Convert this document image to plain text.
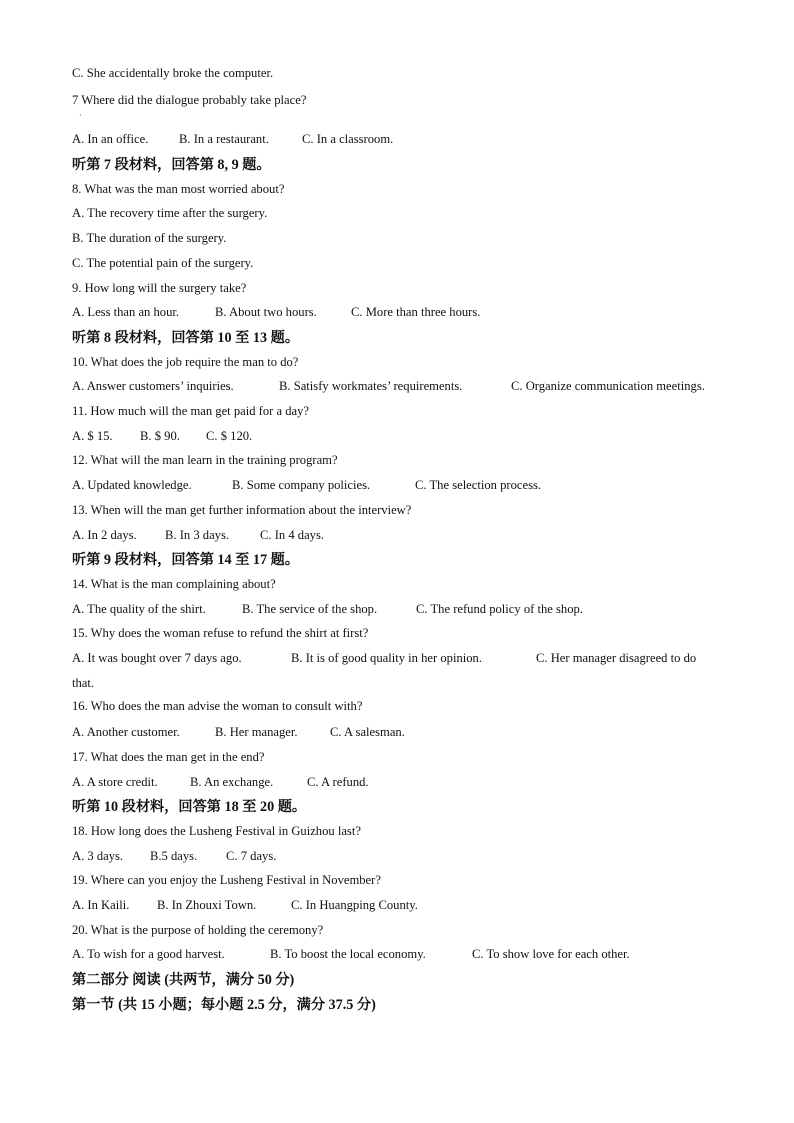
·
C. She accidentally broke the computer.
7 Where did the dialogue probably take place?
A. In an office. B. In a restaurant.	C. In a classroom.
听第 7 段材料，回答第 8, 9 题。
8. What was the man most worried about?
A. The recovery time after the surgery.
B. The duration of the surgery.
C. The potential pain of the surgery.
9. How long will the surgery take?
A. Less than an hour.	B. About two hours.	C. More than three hours.
听第 8 段材料，回答第 10 至 13 题。
10. What does the job require the man to do?
A. Answer customers’ inquiries.	B. Satisfy workmates’ requirements.	C. Organize communication meetings.
11. How much will the man get paid for a day?
A. $ 15. B. $ 90. C. $ 120.
12. What will the man learn in the training program?
A. Updated knowledge.	B. Some company policies.	C. The selection process.
13. When will the man get further information about the interview?
A. In 2 days. B. In 3 days. C. In 4 days.
听第 9 段材料，回答第 14 至 17 题。
14. What is the man complaining about?
A. The quality of the shirt.	B. The service of the shop.	C. The refund policy of the shop.
15. Why does the woman refuse to refund the shirt at first?
A. It was bought over 7 days ago.	B. It is of good quality in her opinion.	C. Her manager disagreed to do
that.
16. Who does the man advise the woman to consult with?
A. Another customer.	B. Her manager.	C. A salesman.
17. What does the man get in the end?
A. A store credit.	B. An exchange.	C. A refund.
听第 10 段材料，回答第 18 至 20 题。
18. How long does the Lusheng Festival in Guizhou last?
A. 3 days. B.5 days. C. 7 days.
19. Where can you enjoy the Lusheng Festival in November?
A. In Kaili. B. In Zhouxi Town.	C. In Huangping County.
20. What is the purpose of holding the ceremony?
A. To wish for a good harvest.	B. To boost the local economy.	C. To show love for each other.
第二部分 阅读 (共两节，满分 50 分)
第一节 (共 15 小题；每小题 2.5 分，满分 37.5 分)
